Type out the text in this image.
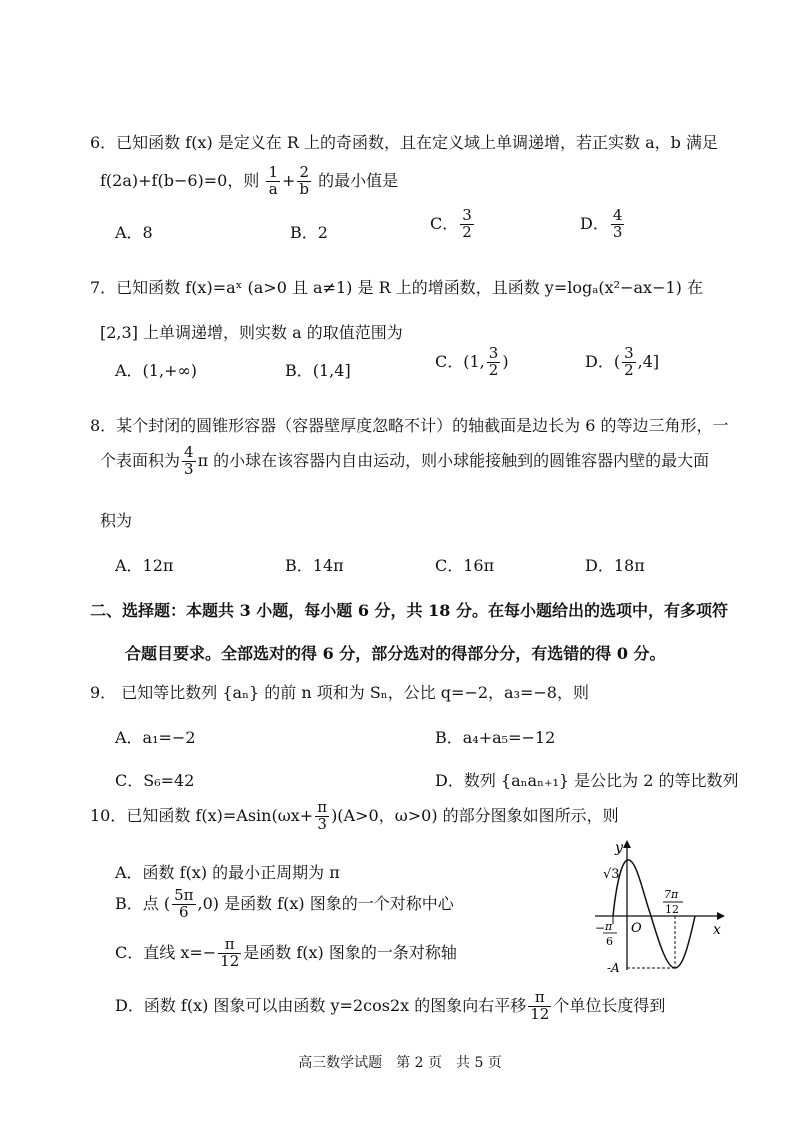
6．已知函数 f(x) 是定义在 R 上的奇函数，且在定义域上单调递增，若正实数 a，b 满足
f(2a)+f(b−6)=0，则 $\frac{1}{a} + \frac{2}{b}$ 的最小值是
A．8	B．2	C． $\frac{3}{2}$	D． $\frac{4}{3}$
7．已知函数 f(x)=aˣ (a>0 且 a≠1) 是 R 上的增函数，且函数 y=logₐ(x²−ax−1) 在
[2,3] 上单调递增，则实数 a 的取值范围为
A．(1,+∞)	B．(1,4]	C．(1, $\frac{3}{2}$ )	D．( $\frac{3}{2} ,4$]
8．某个封闭的圆锥形容器（容器壁厚度忽略不计）的轴截面是边长为 6 的等边三角形，一
个表面积为 $\frac{4}{3}$ π 的小球在该容器内自由运动，则小球能接触到的圆锥容器内壁的最大面
积为
A．12π	B．14π	C．16π	D．18π
二、选择题：本题共 3 小题，每小题 6 分，共 18 分。在每小题给出的选项中，有多项符
合题目要求。全部选对的得 6 分，部分选对的得部分分，有选错的得 0 分。
9． 已知等比数列 {aₙ} 的前 n 项和为 Sₙ，公比 q=−2，a₃=−8，则
A．a₁=−2	B．a₄+a₅=−12
C．S₆=42	D．数列 {aₙaₙ₊₁} 是公比为 2 的等比数列
10．已知函数 $f(x)=Asin(\omega x+ \frac{\pi}{3} )(A>0$，ω>0) 的部分图象如图所示，则
A．函数 f(x) 的最小正周期为 π
B．点 ( $\frac{5\pi}{6} ,0$) 是函数 f(x) 图象的一个对称中心
C．直线 $x=- \frac{\pi}{12}$ 是函数 f(x) 图象的一条对称轴
D．函数 f(x) 图象可以由函数 y=2cos2x 的图象向右平移 $\frac{\pi}{12}$ 个单位长度得到
y
x
O
√3
-A
− π
6
7π
12
高三数学试题　第 2 页　共 5 页
